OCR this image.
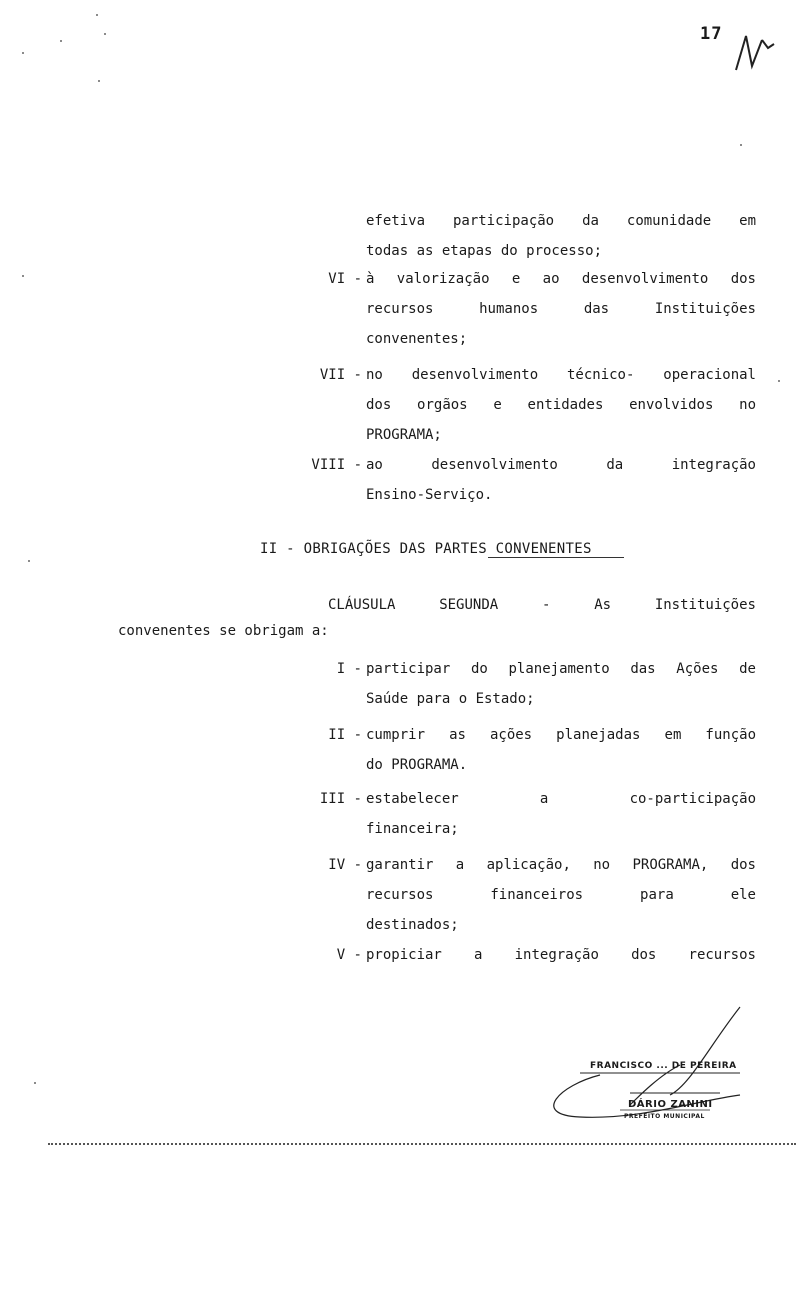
17
efetiva participação da comunidade em
todas as etapas do processo;
VI - à valorização e ao desenvolvimento dos
recursos	humanos	das	Instituições
convenentes;
VII - no desenvolvimento técnico- operacional
dos orgãos e entidades envolvidos no
PROGRAMA;
VIII - ao	desenvolvimento	da	integração
Ensino-Serviço.
I - participar do planejamento das Ações de
Saúde para o Estado;
II - cumprir as ações planejadas em função
do PROGRAMA.
III - estabelecer	a	co-participação
financeira;
IV - garantir a aplicação, no PROGRAMA, dos
recursos	financeiros	para	ele
destinados;
V - propiciar a integração dos recursos
II - OBRIGAÇÕES DAS PARTES CONVENENTES
CLÁUSULA	SEGUNDA	-	As	Instituições
convenentes se obrigam a:
FRANCISCO ... DE PEREIRA
DÁRIO ZANINI
PREFEITO MUNICIPAL
